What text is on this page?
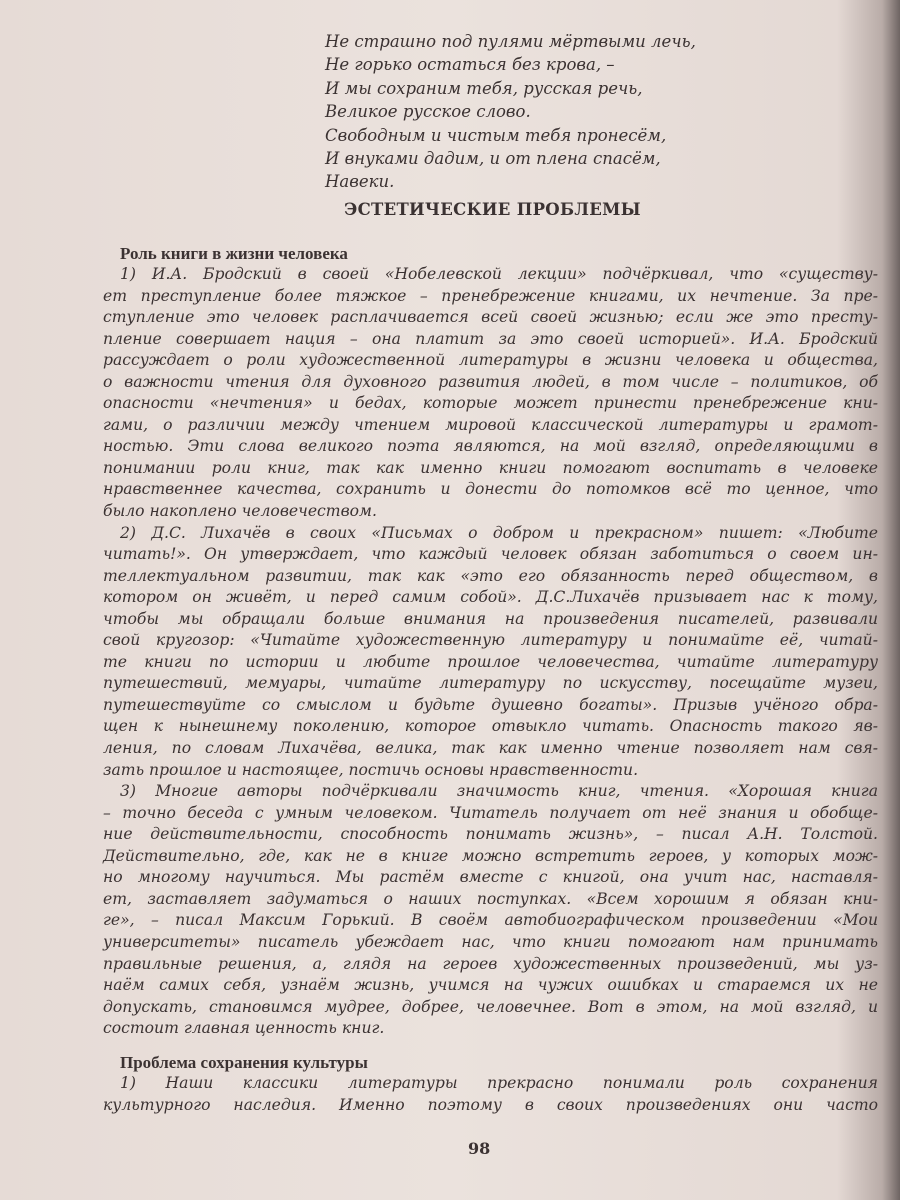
Не страшно под пулями мёртвыми лечь,
Не горько остаться без крова, –
И мы сохраним тебя, русская речь,
Великое русское слово.
Свободным и чистым тебя пронесём,
И внуками дадим, и от плена спасём,
Навеки.
ЭСТЕТИЧЕСКИЕ ПРОБЛЕМЫ
Роль книги в жизни человека
1) И.А. Бродский в своей «Нобелевской лекции» подчёркивал, что «существу-
ет преступление более тяжкое – пренебрежение книгами, их нечтение. За пре-
ступление это человек расплачивается всей своей жизнью; если же это престу-
пление совершает нация – она платит за это своей историей». И.А. Бродский
рассуждает о роли художественной литературы в жизни человека и общества,
о важности чтения для духовного развития людей, в том числе – политиков, об
опасности «нечтения» и бедах, которые может принести пренебрежение кни-
гами, о различии между чтением мировой классической литературы и грамот-
ностью. Эти слова великого поэта являются, на мой взгляд, определяющими в
понимании роли книг, так как именно книги помогают воспитать в человеке
нравственнее качества, сохранить и донести до потомков всё то ценное, что
было накоплено человечеством.
2) Д.С. Лихачёв в своих «Письмах о добром и прекрасном» пишет: «Любите
читать!». Он утверждает, что каждый человек обязан заботиться о своем ин-
теллектуальном развитии, так как «это его обязанность перед обществом, в
котором он живёт, и перед самим собой». Д.С.Лихачёв призывает нас к тому,
чтобы мы обращали больше внимания на произведения писателей, развивали
свой кругозор: «Читайте художественную литературу и понимайте её, читай-
те книги по истории и любите прошлое человечества, читайте литературу
путешествий, мемуары, читайте литературу по искусству, посещайте музеи,
путешествуйте со смыслом и будьте душевно богаты». Призыв учёного обра-
щен к нынешнему поколению, которое отвыкло читать. Опасность такого яв-
ления, по словам Лихачёва, велика, так как именно чтение позволяет нам свя-
зать прошлое и настоящее, постичь основы нравственности.
3) Многие авторы подчёркивали значимость книг, чтения. «Хорошая книга
– точно беседа с умным человеком. Читатель получает от неё знания и обобще-
ние действительности, способность понимать жизнь», – писал А.Н. Толстой.
Действительно, где, как не в книге можно встретить героев, у которых мож-
но многому научиться. Мы растём вместе с книгой, она учит нас, наставля-
ет, заставляет задуматься о наших поступках. «Всем хорошим я обязан кни-
ге», – писал Максим Горький. В своём автобиографическом произведении «Мои
университеты» писатель убеждает нас, что книги помогают нам принимать
правильные решения, а, глядя на героев художественных произведений, мы уз-
наём самих себя, узнаём жизнь, учимся на чужих ошибках и стараемся их не
допускать, становимся мудрее, добрее, человечнее. Вот в этом, на мой взгляд, и
состоит главная ценность книг.
Проблема сохранения культуры
1) Наши классики литературы прекрасно понимали роль сохранения
культурного наследия. Именно поэтому в своих произведениях они часто
98
